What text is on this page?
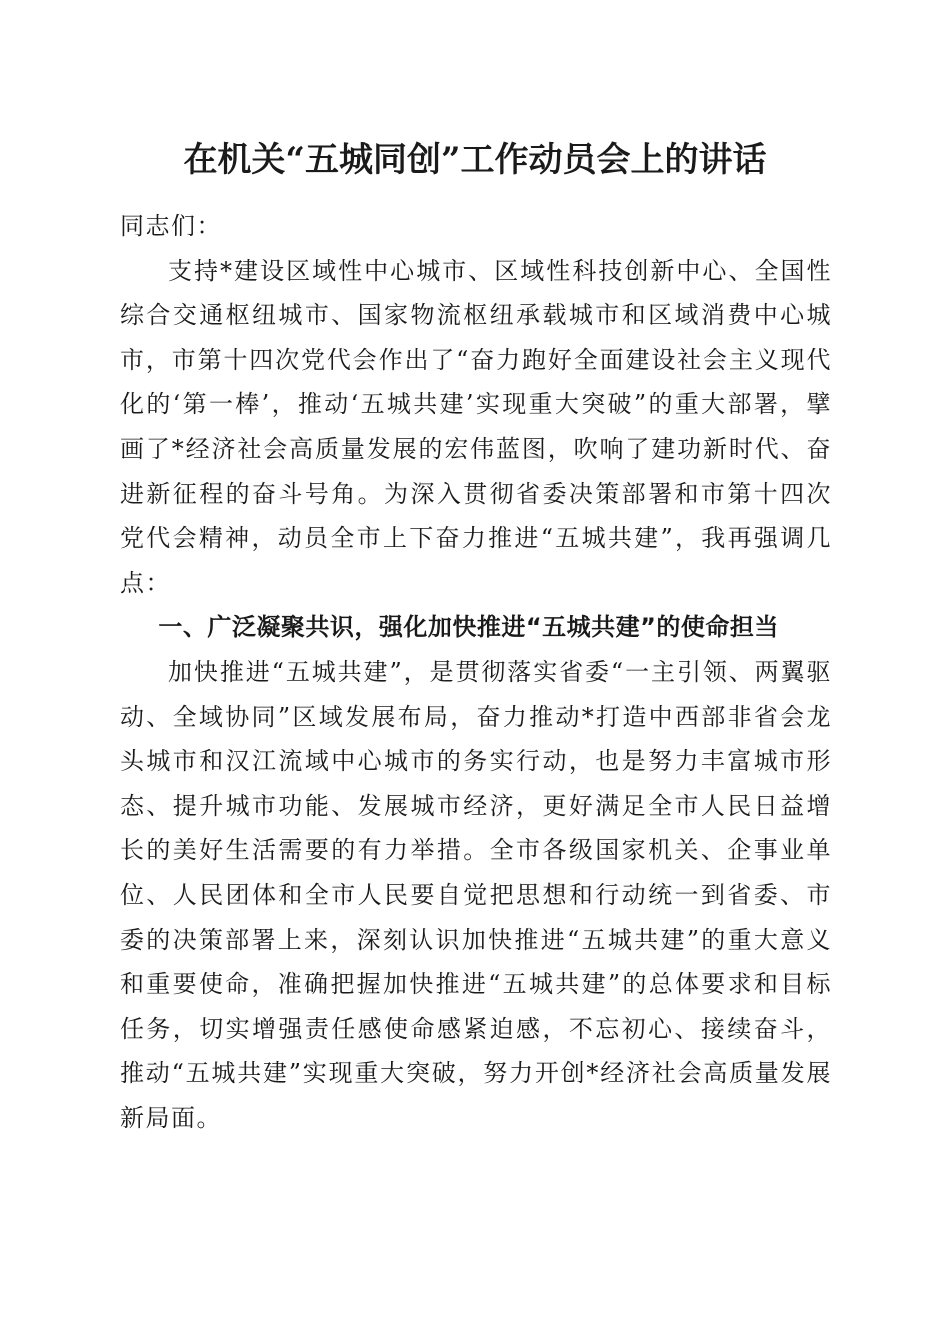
在机关“五城同创”工作动员会上的讲话

同志们：

支持*建设区域性中心城市、区域性科技创新中心、全国性综合交通枢纽城市、国家物流枢纽承载城市和区域消费中心城市，市第十四次党代会作出了“奋力跑好全面建设社会主义现代化的‘第一棒’，推动‘五城共建’实现重大突破”的重大部署，擘画了*经济社会高质量发展的宏伟蓝图，吹响了建功新时代、奋进新征程的奋斗号角。为深入贯彻省委决策部署和市第十四次党代会精神，动员全市上下奋力推进“五城共建”，我再强调几点：

一、广泛凝聚共识，强化加快推进“五城共建”的使命担当

加快推进“五城共建”，是贯彻落实省委“一主引领、两翼驱动、全域协同”区域发展布局，奋力推动*打造中西部非省会龙头城市和汉江流域中心城市的务实行动，也是努力丰富城市形态、提升城市功能、发展城市经济，更好满足全市人民日益增长的美好生活需要的有力举措。全市各级国家机关、企事业单位、人民团体和全市人民要自觉把思想和行动统一到省委、市委的决策部署上来，深刻认识加快推进“五城共建”的重大意义和重要使命，准确把握加快推进“五城共建”的总体要求和目标任务，切实增强责任感使命感紧迫感，不忘初心、接续奋斗，推动“五城共建”实现重大突破，努力开创*经济社会高质量发展新局面。
